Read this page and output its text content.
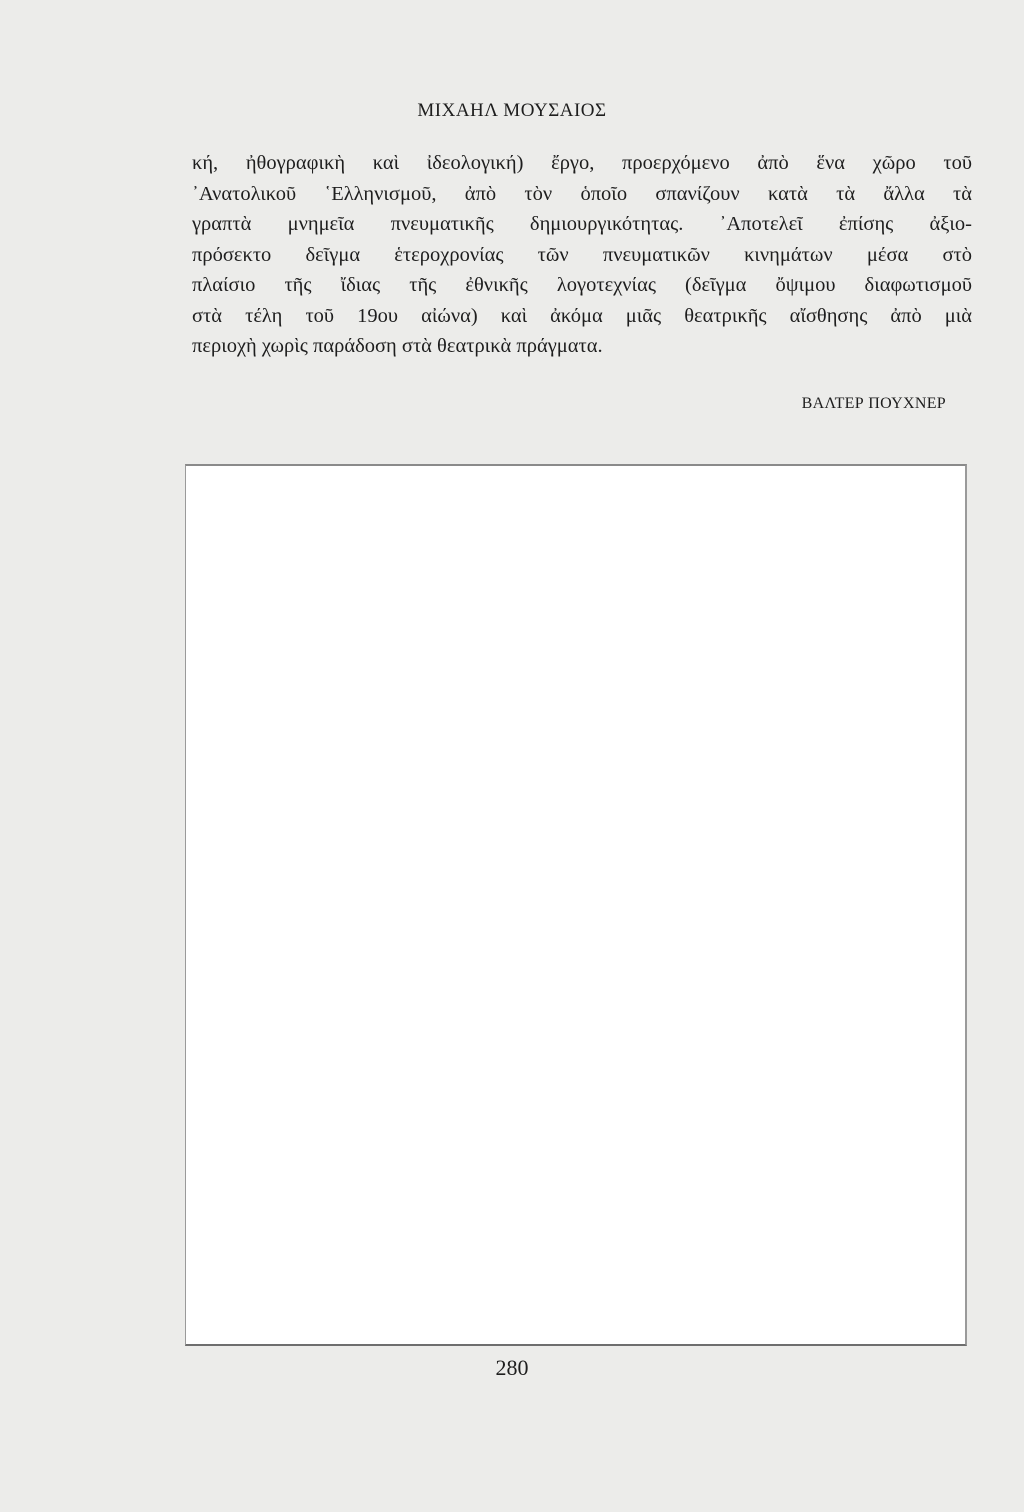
ΜΙΧΑΗΛ ΜΟΥΣΑΙΟΣ
κή, ἠθογραφικὴ καὶ ἰδεολογική) ἔργο, προερχόμενο ἀπὸ ἕνα χῶρο τοῦ
᾿Ανατολικοῦ ῾Ελληνισμοῦ, ἀπὸ τὸν ὁποῖο σπανίζουν κατὰ τὰ ἄλλα τὰ
γραπτὰ μνημεῖα πνευματικῆς δημιουργικότητας. ᾿Αποτελεῖ ἐπίσης ἀξιο-
πρόσεκτο δεῖγμα ἑτεροχρονίας τῶν πνευματικῶν κινημάτων μέσα στὸ
πλαίσιο τῆς ἴδιας τῆς ἐθνικῆς λογοτεχνίας (δεῖγμα ὄψιμου διαφωτισμοῦ
στὰ τέλη τοῦ 19ου αἰώνα) καὶ ἀκόμα μιᾶς θεατρικῆς αἴσθησης ἀπὸ μιὰ
περιοχὴ χωρὶς παράδοση στὰ θεατρικὰ πράγματα.
ΒΑΛΤΕΡ ΠΟΥΧΝΕΡ
280
